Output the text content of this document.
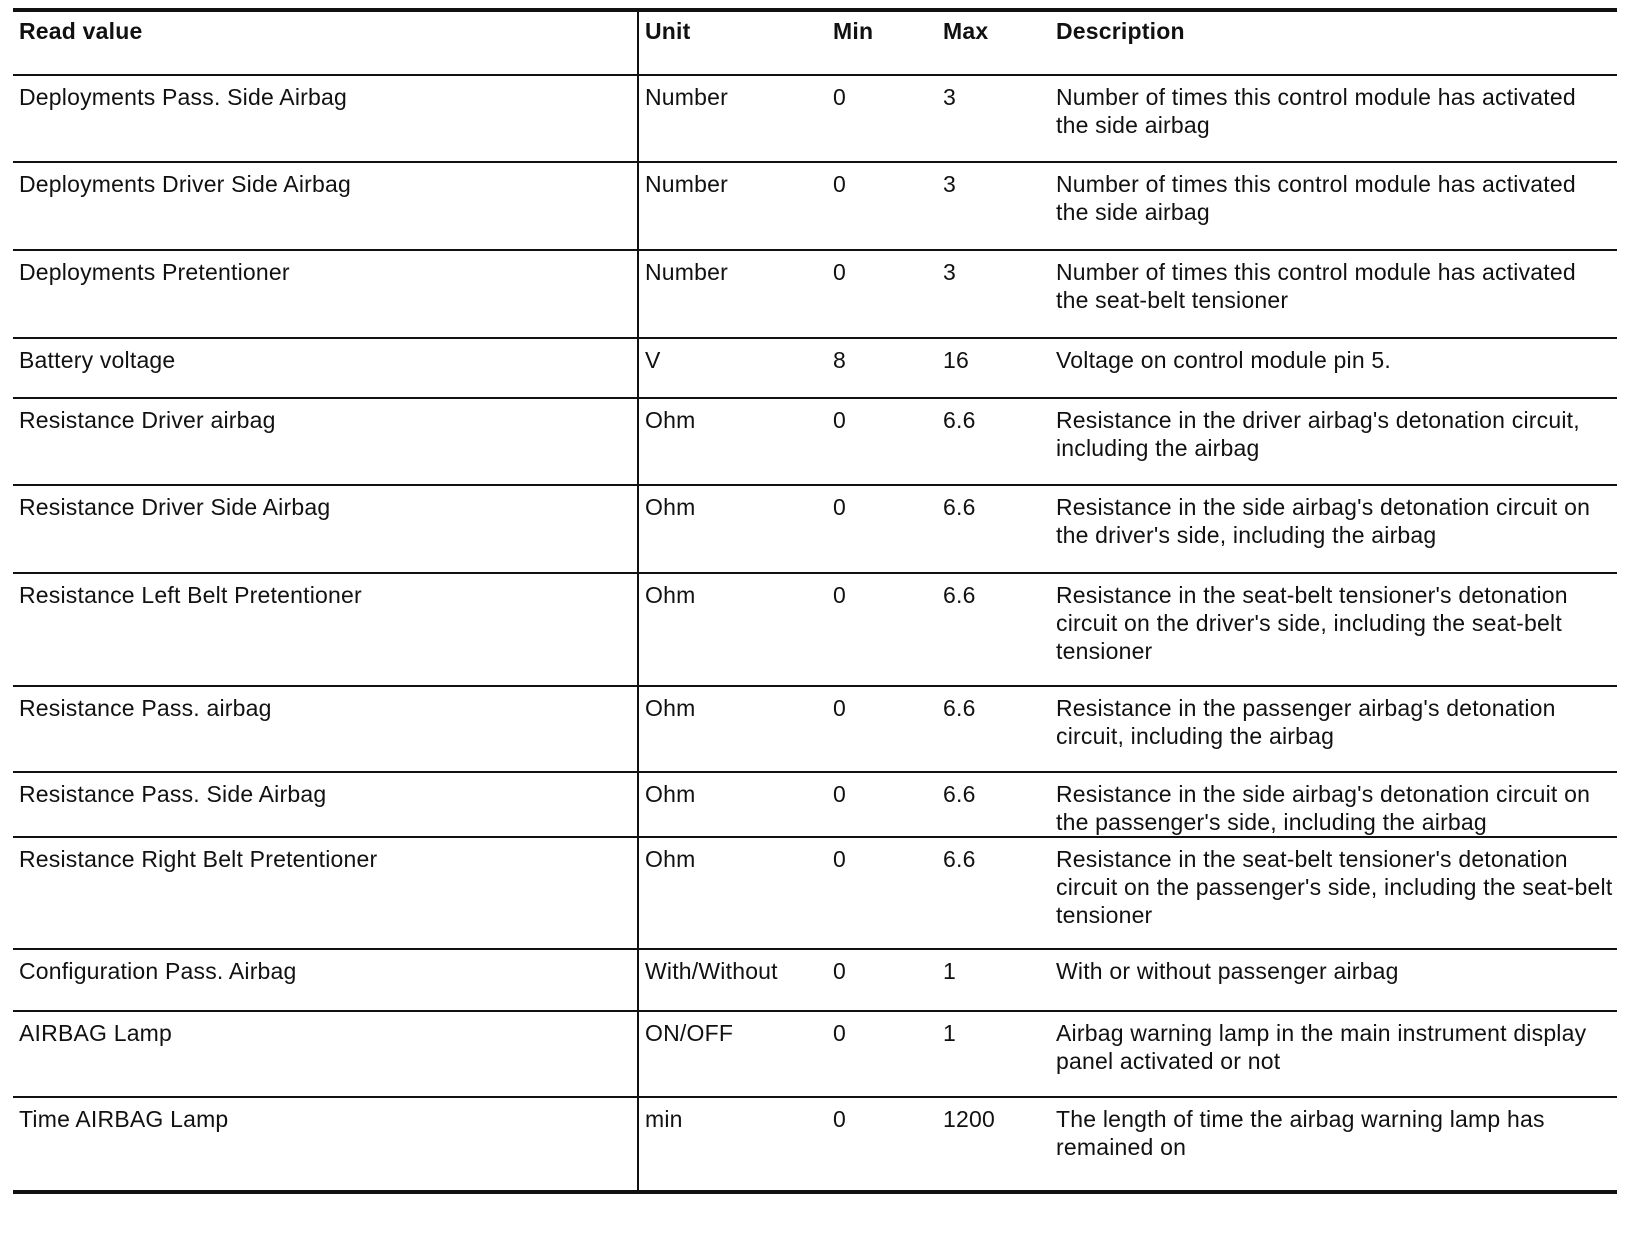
Read value	Unit	Min	Max	Description
Deployments Pass. Side Airbag	Number	0	3	Number of times this control module has activated the side airbag
Deployments Driver Side Airbag	Number	0	3	Number of times this control module has activated the side airbag
Deployments Pretentioner	Number	0	3	Number of times this control module has activated the seat-belt tensioner
Battery voltage	V	8	16	Voltage on control module pin 5.
Resistance Driver airbag	Ohm	0	6.6	Resistance in the driver airbag's detonation circuit, including the airbag
Resistance Driver Side Airbag	Ohm	0	6.6	Resistance in the side airbag's detonation circuit on the driver's side, including the airbag
Resistance Left Belt Pretentioner	Ohm	0	6.6	Resistance in the seat-belt tensioner's detonation circuit on the driver's side, including the seat-belt tensioner
Resistance Pass. airbag	Ohm	0	6.6	Resistance in the passenger airbag's detonation circuit, including the airbag
Resistance Pass. Side Airbag	Ohm	0	6.6	Resistance in the side airbag's detonation circuit on the passenger's side, including the airbag
Resistance Right Belt Pretentioner	Ohm	0	6.6	Resistance in the seat-belt tensioner's detonation circuit on the passenger's side, including the seat-belt tensioner
Configuration Pass. Airbag	With/Without	0	1	With or without passenger airbag
AIRBAG Lamp	ON/OFF	0	1	Airbag warning lamp in the main instrument display panel activated or not
Time AIRBAG Lamp	min	0	1200	The length of time the airbag warning lamp has remained on
